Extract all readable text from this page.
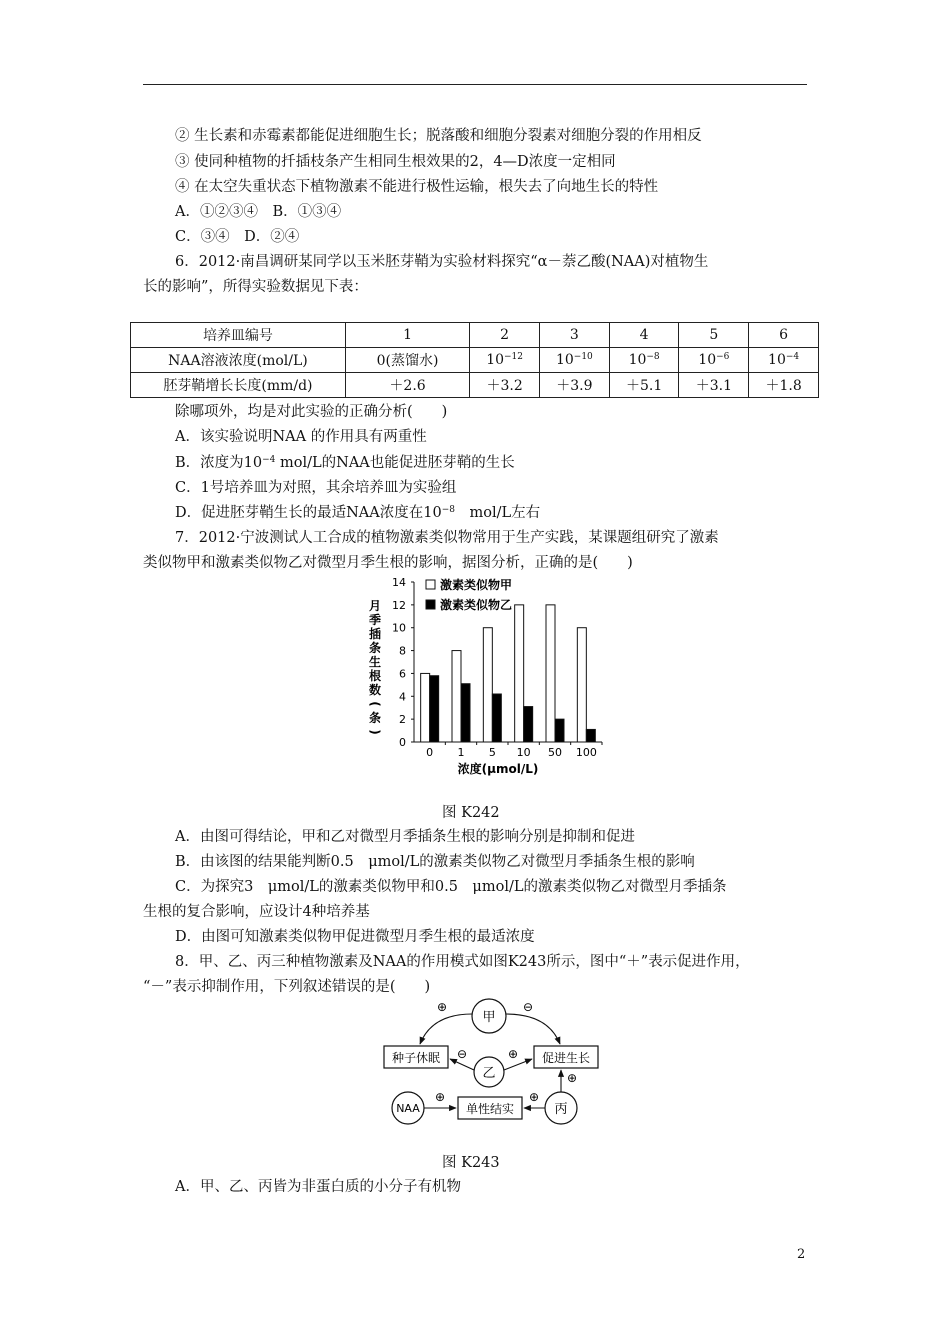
② 生长素和赤霉素都能促进细胞生长；脱落酸和细胞分裂素对细胞分裂的作用相反
③ 使同种植物的扦插枝条产生相同生根效果的2，4—D浓度一定相同
④ 在太空失重状态下植物激素不能进行极性运输，根失去了向地生长的特性
A．①②③④　B．①③④
C．③④　D．②④
6．2012·南昌调研某同学以玉米胚芽鞘为实验材料探究“α－萘乙酸(NAA)对植物生
长的影响”，所得实验数据见下表：
培养皿编号	1	2	3	4	5	6
NAA溶液浓度(mol/L)	0(蒸馏水)	$10^{-12}$	$10^{-10}$	$10^{-8}$	$10^{-6}$	$10^{-4}$
胚芽鞘增长长度(mm/d)	＋2.6	＋3.2	＋3.9	＋5.1	＋3.1	＋1.8
除哪项外，均是对此实验的正确分析(　　)
A．该实验说明NAA 的作用具有两重性
B．浓度为$10^{-4}$ mol/L的NAA也能促进胚芽鞘的生长
C．1号培养皿为对照，其余培养皿为实验组
D．促进胚芽鞘生长的最适NAA浓度在$10^{-8}$　mol/L左右
7．2012·宁波测试人工合成的植物激素类似物常用于生产实践，某课题组研究了激素
类似物甲和激素类似物乙对微型月季生根的影响，据图分析，正确的是(　　)
0
2
4
6
8
10
12
14
月
季
插
条
生
根
数
(
条
)
0 1 5 10 50 100
浓度(μmol/L)
激素类似物甲
激素类似物乙
图 K242
A．由图可得结论，甲和乙对微型月季插条生根的影响分别是抑制和促进
B．由该图的结果能判断0.5　μmol/L的激素类似物乙对微型月季插条生根的影响
C．为探究3　μmol/L的激素类似物甲和0.5　μmol/L的激素类似物乙对微型月季插条
生根的复合影响，应设计4种培养基
D．由图可知激素类似物甲促进微型月季生根的最适浓度
8．甲、乙、丙三种植物激素及NAA的作用模式如图K243所示，图中“＋”表示促进作用，
“－”表示抑制作用，下列叙述错误的是(　　)
甲
种子休眠	促进生长
乙
NAA	单性结实	丙
⊕	⊖
⊖	⊕
⊕	⊕
⊕
图 K243
A．甲、乙、丙皆为非蛋白质的小分子有机物
2
